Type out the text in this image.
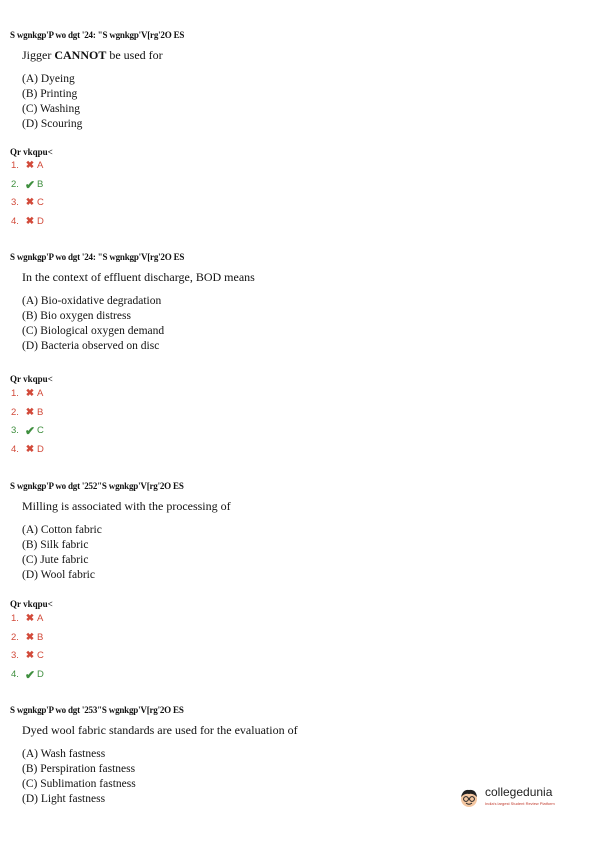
S wgnkgp'P wo dgt '24: "S wgnkgp'V[rg'2O ES
Jigger CANNOT be used for
(A) Dyeing
(B) Printing
(C) Washing
(D) Scouring
Qr vkqpu<
1. ✖ A
2. ✔ B
3. ✖ C
4. ✖ D
S wgnkgp'P wo dgt '24: "S wgnkgp'V[rg'2O ES
In the context of effluent discharge, BOD means
(A) Bio-oxidative degradation
(B) Bio oxygen distress
(C) Biological oxygen demand
(D) Bacteria observed on disc
Qr vkqpu<
1. ✖ A
2. ✖ B
3. ✔ C
4. ✖ D
S wgnkgp'P wo dgt '252"S wgnkgp'V[rg'2O ES
Milling is associated with the processing of
(A) Cotton fabric
(B) Silk fabric
(C) Jute fabric
(D) Wool fabric
Qr vkqpu<
1. ✖ A
2. ✖ B
3. ✖ C
4. ✔ D
S wgnkgp'P wo dgt '253"S wgnkgp'V[rg'2O ES
Dyed wool fabric standards are used for the evaluation of
(A) Wash fastness
(B) Perspiration fastness
(C) Sublimation fastness
(D) Light fastness	collegedunia
India's largest Student Review Platform
